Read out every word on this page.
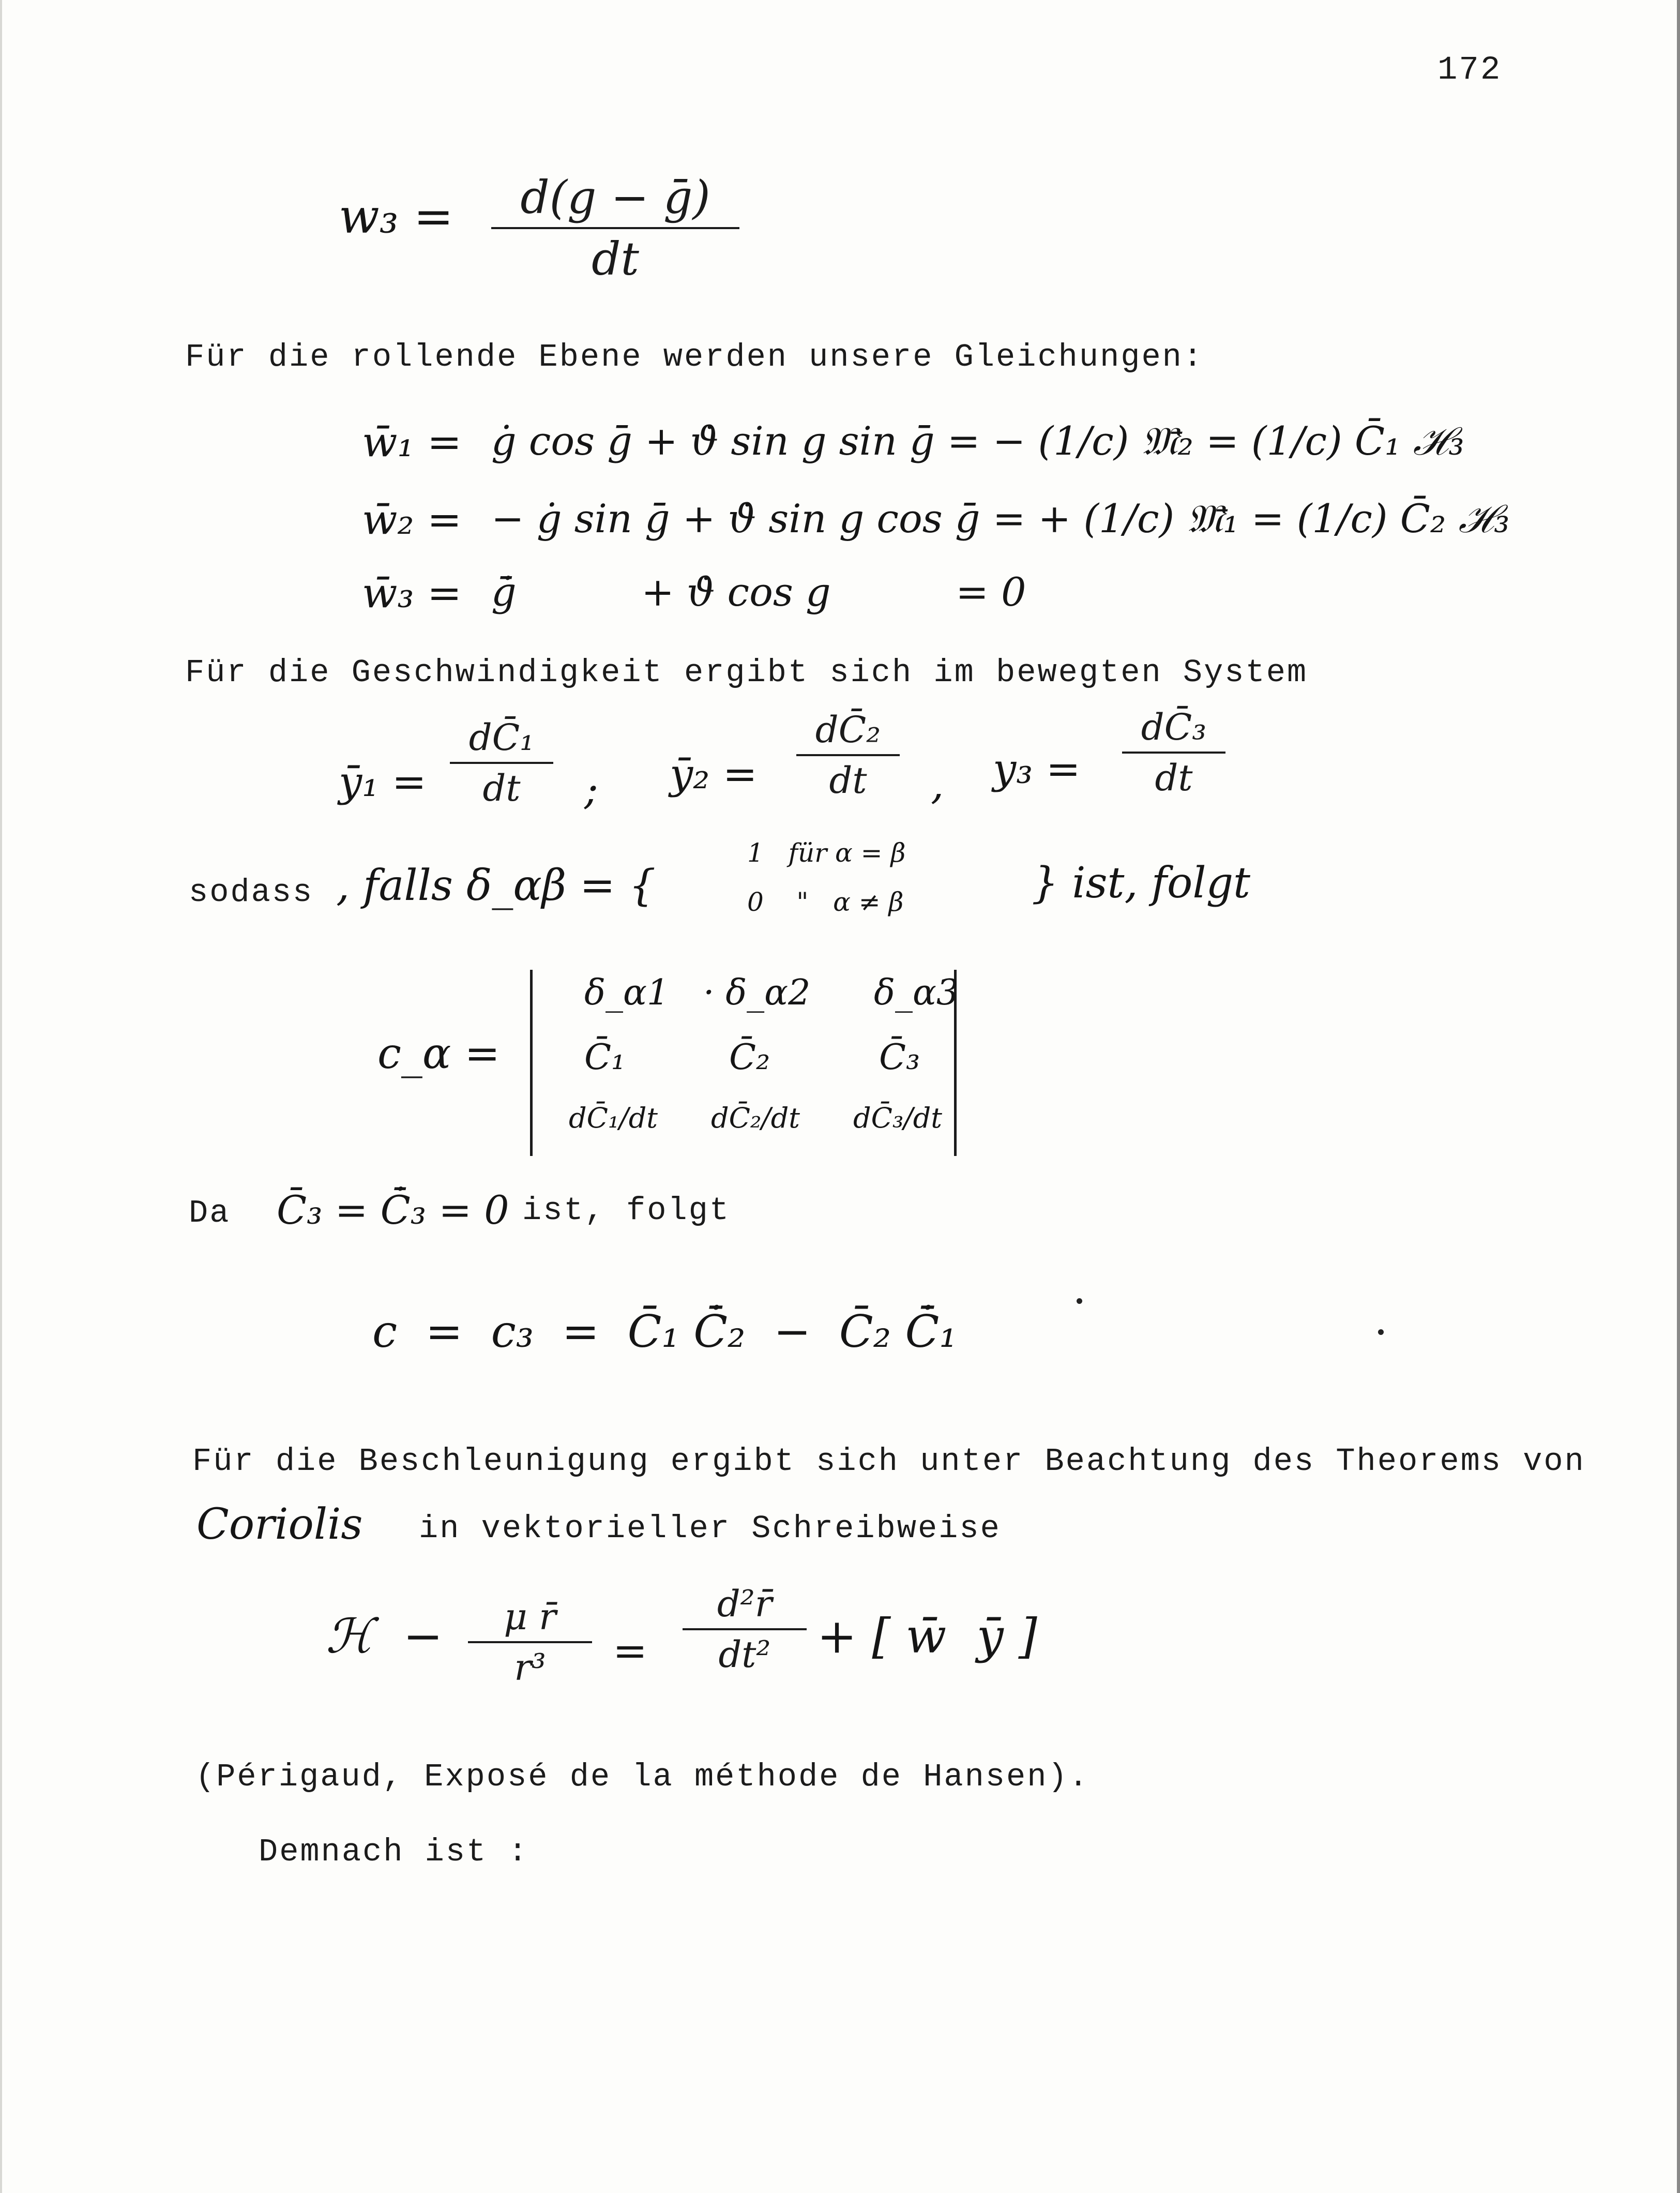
172
w₃ =	d(g − ḡ)
dt
Für die rollende Ebene werden unsere Gleichungen:
w̄₁ = ġ cos ḡ + ϑ̇ sin g sin ḡ = − (1/c) 𝔐̄₂ = (1/c) C̄₁ ℋ₃
w̄₂ = − ġ sin ḡ + ϑ̇ sin g cos ḡ = + (1/c) 𝔐̄₁ = (1/c) C̄₂ ℋ₃
w̄₃ = ḡ̇          + ϑ̇ cos g          = 0
Für die Geschwindigkeit ergibt sich im bewegten System
ȳ₁ =
dC̄₁
dt	; ȳ₂ =
dC̄₂
dt	, y₃ =
dC̄₃
dt
sodass , falls δ_αβ = {
1   für α = β
0    "   α ≠ β	} ist, folgt
c_α =
δ_α1 · δ_α2 δ_α3
C̄₁	C̄₂	C̄₃
dC̄₁/dt dC̄₂/dt dC̄₃/dt
Da C̄₃ = C̄̇₃ = 0 ist, folgt
c  =  c₃  =  C̄₁ C̄̇₂  −  C̄₂ C̄̇₁
Für die Beschleunigung ergibt sich unter Beachtung des Theorems von
Coriolis in vektorieller Schreibweise
ℋ  −	μ r̄
r³	=
d²r̄
dt² + [ w̄  ȳ ]
(Périgaud, Exposé de la méthode de Hansen).
Demnach ist :
